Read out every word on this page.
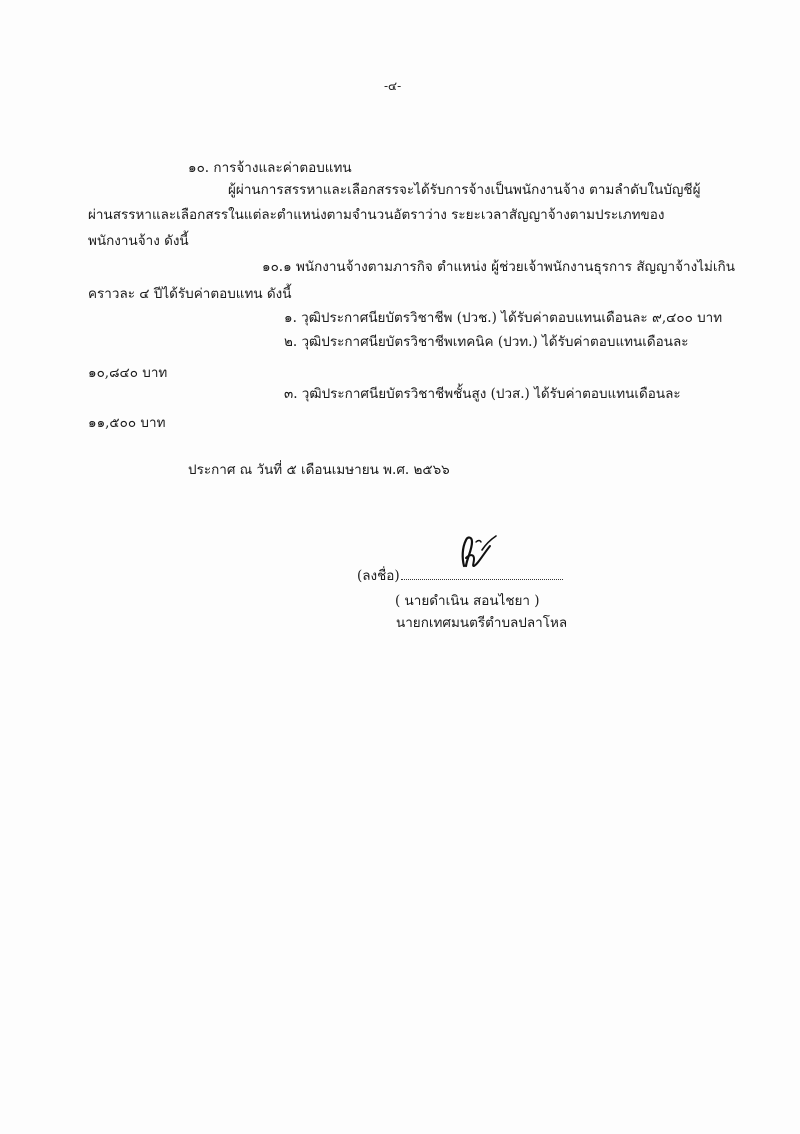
-๔-
๑๐. การจ้างและค่าตอบแทน
ผู้ผ่านการสรรหาและเลือกสรรจะได้รับการจ้างเป็นพนักงานจ้าง ตามลำดับในบัญชีผู้
ผ่านสรรหาและเลือกสรรในแต่ละตำแหน่งตามจำนวนอัตราว่าง ระยะเวลาสัญญาจ้างตามประเภทของ
พนักงานจ้าง ดังนี้
๑๐.๑ พนักงานจ้างตามภารกิจ ตำแหน่ง ผู้ช่วยเจ้าพนักงานธุรการ สัญญาจ้างไม่เกิน
คราวละ ๔ ปีได้รับค่าตอบแทน ดังนี้
๑. วุฒิประกาศนียบัตรวิชาชีพ (ปวช.) ได้รับค่าตอบแทนเดือนละ ๙,๔๐๐ บาท
๒. วุฒิประกาศนียบัตรวิชาชีพเทคนิค (ปวท.) ได้รับค่าตอบแทนเดือนละ
๑๐,๘๔๐ บาท
๓. วุฒิประกาศนียบัตรวิชาชีพชั้นสูง (ปวส.) ได้รับค่าตอบแทนเดือนละ
๑๑,๕๐๐ บาท
ประกาศ ณ วันที่ ๕ เดือนเมษายน พ.ศ. ๒๕๖๖
(ลงชื่อ)
( นายดำเนิน สอนไชยา )
นายกเทศมนตรีตำบลปลาโหล
